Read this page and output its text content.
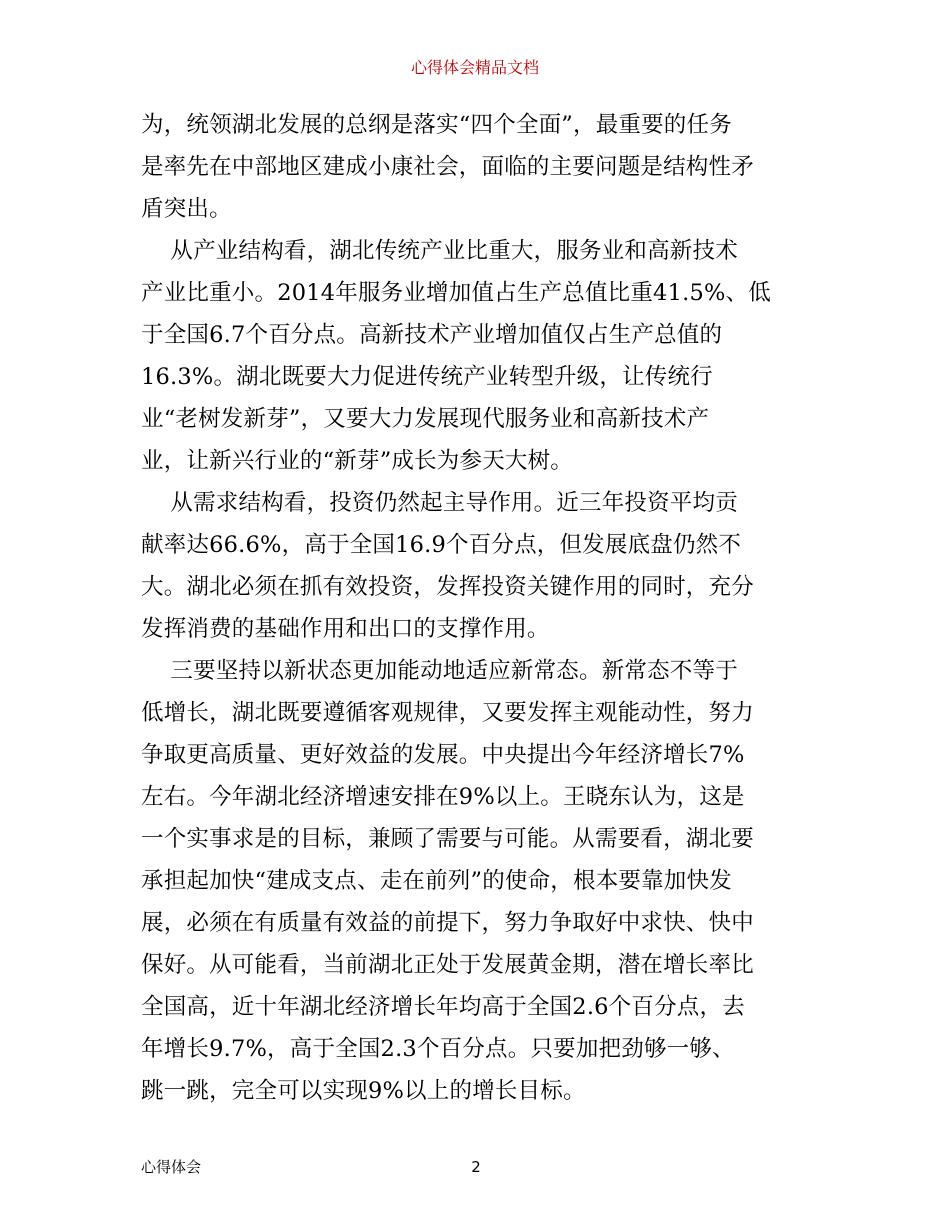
心得体会精品文档
为，统领湖北发展的总纲是落实“四个全面”，最重要的任务
是率先在中部地区建成小康社会，面临的主要问题是结构性矛
盾突出。
从产业结构看，湖北传统产业比重大，服务业和高新技术
产业比重小。2014年服务业增加值占生产总值比重41.5%、低
于全国6.7个百分点。高新技术产业增加值仅占生产总值的
16.3%。湖北既要大力促进传统产业转型升级，让传统行
业“老树发新芽”，又要大力发展现代服务业和高新技术产
业，让新兴行业的“新芽”成长为参天大树。
从需求结构看，投资仍然起主导作用。近三年投资平均贡
献率达66.6%，高于全国16.9个百分点，但发展底盘仍然不
大。湖北必须在抓有效投资，发挥投资关键作用的同时，充分
发挥消费的基础作用和出口的支撑作用。
三要坚持以新状态更加能动地适应新常态。新常态不等于
低增长，湖北既要遵循客观规律，又要发挥主观能动性，努力
争取更高质量、更好效益的发展。中央提出今年经济增长7%
左右。今年湖北经济增速安排在9%以上。王晓东认为，这是
一个实事求是的目标，兼顾了需要与可能。从需要看，湖北要
承担起加快“建成支点、走在前列”的使命，根本要靠加快发
展，必须在有质量有效益的前提下，努力争取好中求快、快中
保好。从可能看，当前湖北正处于发展黄金期，潜在增长率比
全国高，近十年湖北经济增长年均高于全国2.6个百分点，去
年增长9.7%，高于全国2.3个百分点。只要加把劲够一够、
跳一跳，完全可以实现9%以上的增长目标。
心得体会	2
